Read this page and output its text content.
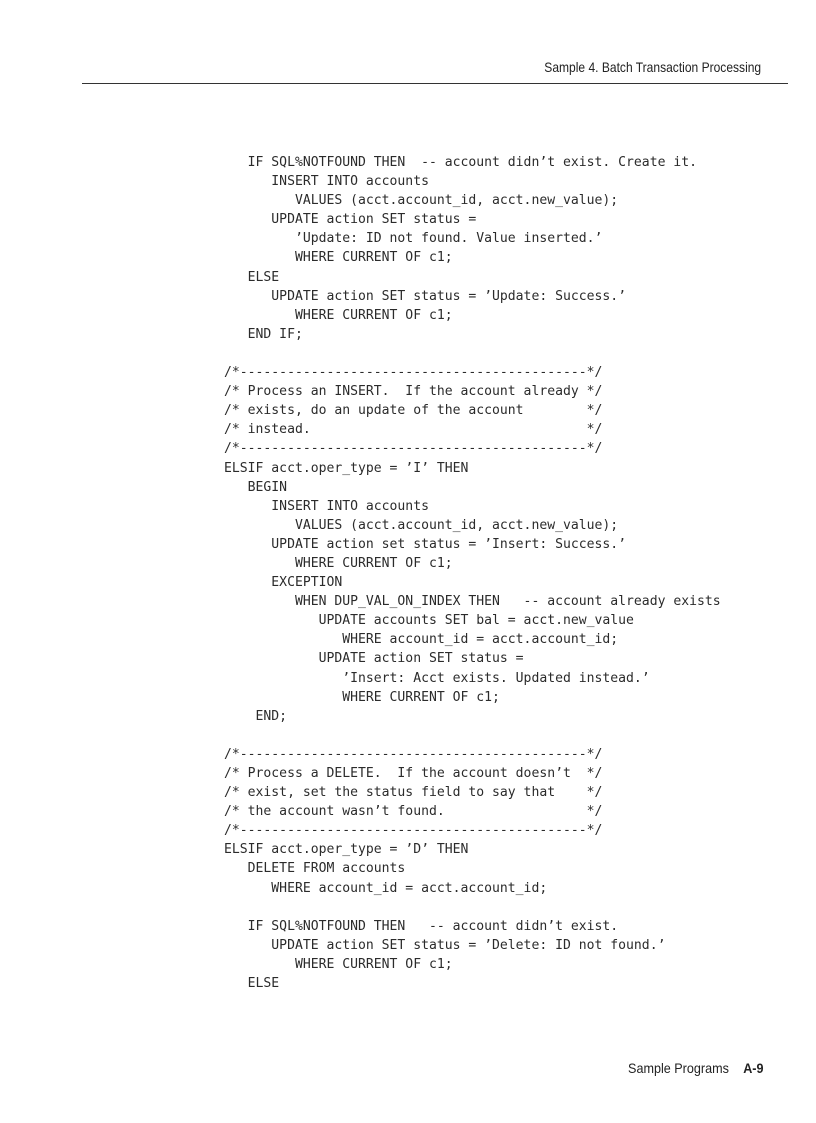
Sample 4. Batch Transaction Processing
IF SQL%NOTFOUND THEN  -- account didn’t exist. Create it.
INSERT INTO accounts
VALUES (acct.account_id, acct.new_value);
UPDATE action SET status =
’Update: ID not found. Value inserted.’
WHERE CURRENT OF c1;
ELSE
UPDATE action SET status = ’Update: Success.’
WHERE CURRENT OF c1;
END IF;
/*--------------------------------------------*/
/* Process an INSERT.  If the account already */
/* exists, do an update of the account        */
/* instead.                                   */
/*--------------------------------------------*/
ELSIF acct.oper_type = ’I’ THEN
BEGIN
INSERT INTO accounts
VALUES (acct.account_id, acct.new_value);
UPDATE action set status = ’Insert: Success.’
WHERE CURRENT OF c1;
EXCEPTION
WHEN DUP_VAL_ON_INDEX THEN   -- account already exists
UPDATE accounts SET bal = acct.new_value
WHERE account_id = acct.account_id;
UPDATE action SET status =
’Insert: Acct exists. Updated instead.’
WHERE CURRENT OF c1;
END;
/*--------------------------------------------*/
/* Process a DELETE.  If the account doesn’t  */
/* exist, set the status field to say that    */
/* the account wasn’t found.                  */
/*--------------------------------------------*/
ELSIF acct.oper_type = ’D’ THEN
DELETE FROM accounts
WHERE account_id = acct.account_id;
IF SQL%NOTFOUND THEN   -- account didn’t exist.
UPDATE action SET status = ’Delete: ID not found.’
WHERE CURRENT OF c1;
ELSE
Sample Programs A-9
